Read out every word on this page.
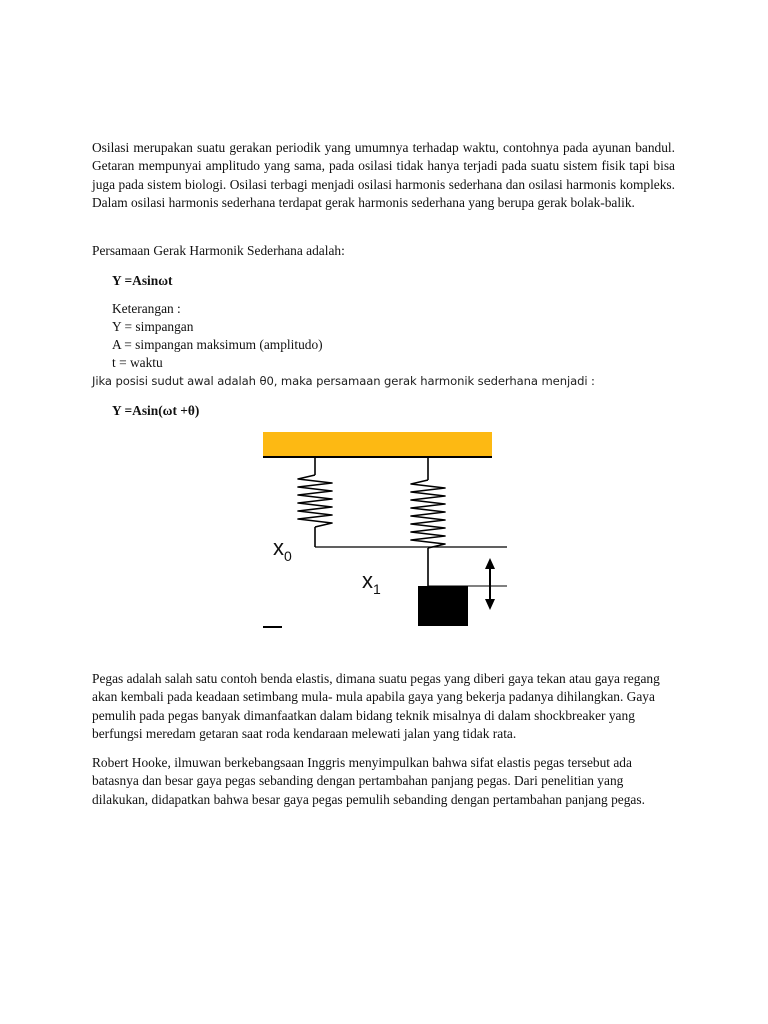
Osilasi merupakan suatu gerakan periodik yang umumnya terhadap waktu, contohnya pada ayunan bandul. Getaran mempunyai amplitudo yang sama, pada osilasi tidak hanya terjadi pada suatu sistem fisik tapi bisa juga pada sistem biologi. Osilasi terbagi menjadi osilasi harmonis sederhana dan osilasi harmonis kompleks. Dalam osilasi harmonis sederhana terdapat gerak harmonis sederhana yang berupa gerak bolak-balik.

Persamaan Gerak Harmonik Sederhana adalah:
Y =Asinωt
Keterangan :
Y = simpangan
A = simpangan maksimum (amplitudo)
t = waktu
Jika posisi sudut awal adalah θ0, maka persamaan gerak harmonik sederhana menjadi :
Y =Asin(ωt +θ)
$x_0$
$x_1$

Pegas adalah salah satu contoh benda elastis, dimana suatu pegas yang diberi gaya tekan atau gaya regang akan kembali pada keadaan setimbang mula- mula apabila gaya yang bekerja padanya dihilangkan. Gaya pemulih pada pegas banyak dimanfaatkan dalam bidang teknik misalnya di dalam shockbreaker yang berfungsi meredam getaran saat roda kendaraan melewati jalan yang tidak rata.

Robert Hooke, ilmuwan berkebangsaan Inggris menyimpulkan bahwa sifat elastis pegas tersebut ada batasnya dan besar gaya pegas sebanding dengan pertambahan panjang pegas. Dari penelitian yang dilakukan, didapatkan bahwa besar gaya pegas pemulih sebanding dengan pertambahan panjang pegas.
